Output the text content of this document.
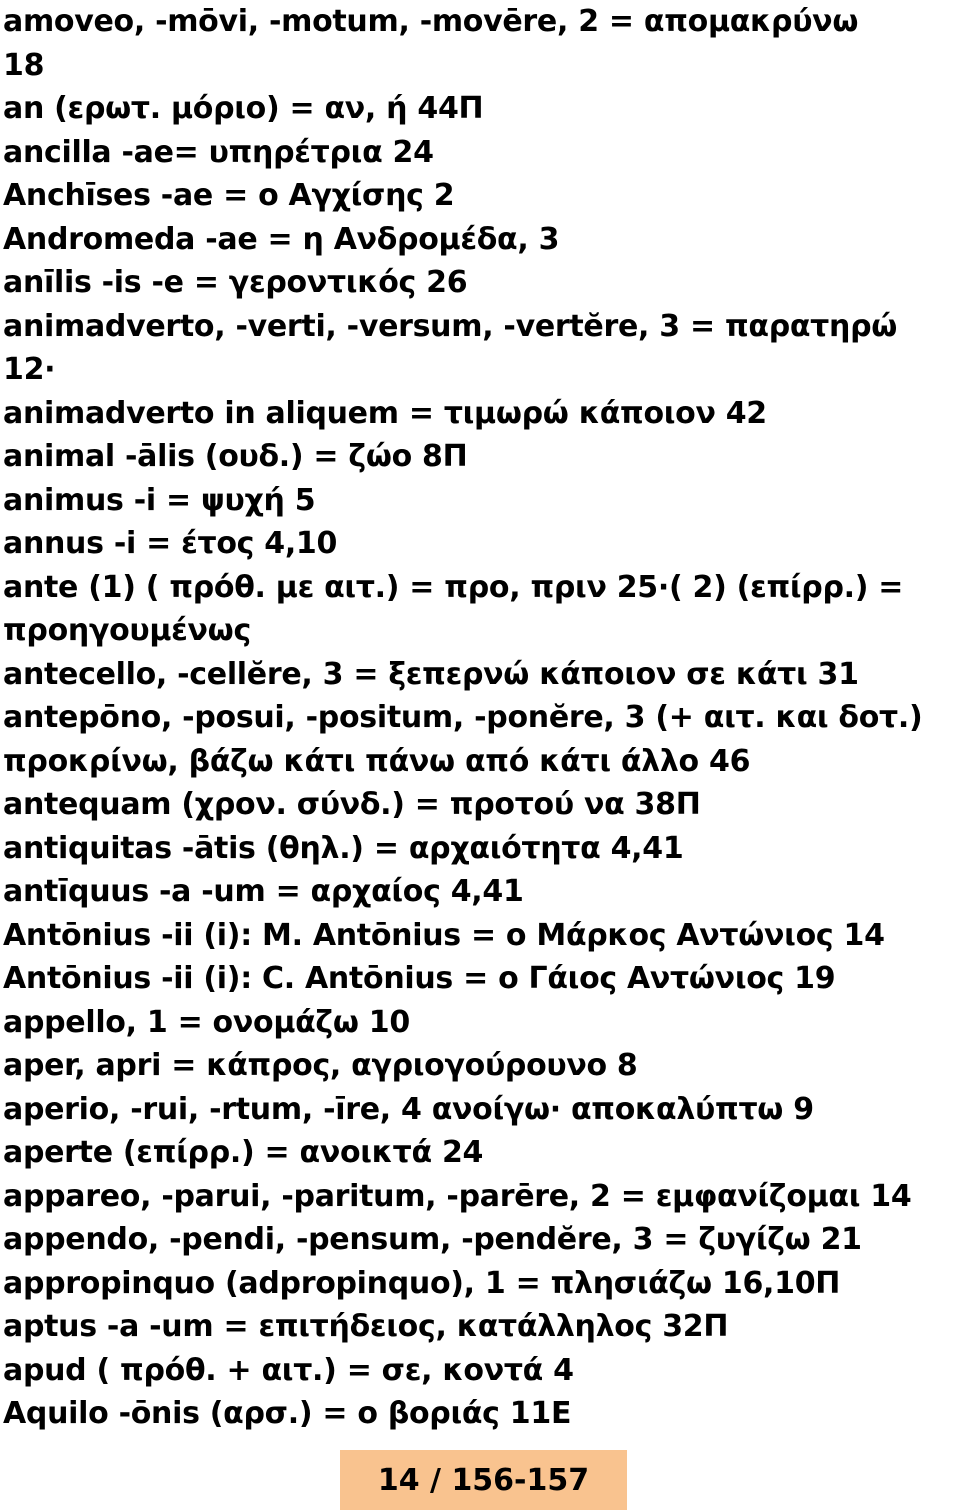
amoveo, -mōvi, -motum, -movēre, 2 = απομακρύνω
18
an (ερωτ. μόριο) = αν, ή 44Π
ancilla -ae= υπηρέτρια 24
Anchīses -ae = ο Αγχίσης 2
Andromeda -ae = η Ανδρομέδα, 3
anīlis -is -e = γεροντικός 26
animadverto, -verti, -versum, -vertĕre, 3 = παρατηρώ
12·
animadverto in aliquem = τιμωρώ κάποιον 42
animal -ālis (ουδ.) = ζώο 8Π
animus -i = ψυχή 5
annus -i = έτος 4,10
ante (1) ( πρόθ. με αιτ.) = προ, πριν 25·( 2) (επίρρ.) =
προηγουμένως
antecello, -cellĕre, 3 = ξεπερνώ κάποιον σε κάτι 31
antepōno, -posui, -positum, -ponĕre, 3 (+ αιτ. και δοτ.)
προκρίνω, βάζω κάτι πάνω από κάτι άλλο 46
antequam (χρον. σύνδ.) = προτού να 38Π
antiquitas -ātis (θηλ.) = αρχαιότητα 4,41
antīquus -a -um = αρχαίος 4,41
Antōnius -ii (i): M. Antōnius = ο Μάρκος Αντώνιος 14
Antōnius -ii (i): C. Antōnius = ο Γάιος Αντώνιος 19
appello, 1 = ονομάζω 10
aper, apri = κάπρος, αγριογούρουνο 8
aperio, -rui, -rtum, -īre, 4 ανοίγω· αποκαλύπτω 9
aperte (επίρρ.) = ανοικτά 24
appareo, -parui, -paritum, -parēre, 2 = εμφανίζομαι 14
appendo, -pendi, -pensum, -pendĕre, 3 = ζυγίζω 21
appropinquo (adpropinquo), 1 = πλησιάζω 16,10Π
aptus -a -um = επιτήδειος, κατάλληλος 32Π
apud ( πρόθ. + αιτ.) = σε, κοντά 4
Aquilo -ōnis (αρσ.) = ο βοριάς 11Ε
14 / 156-157
